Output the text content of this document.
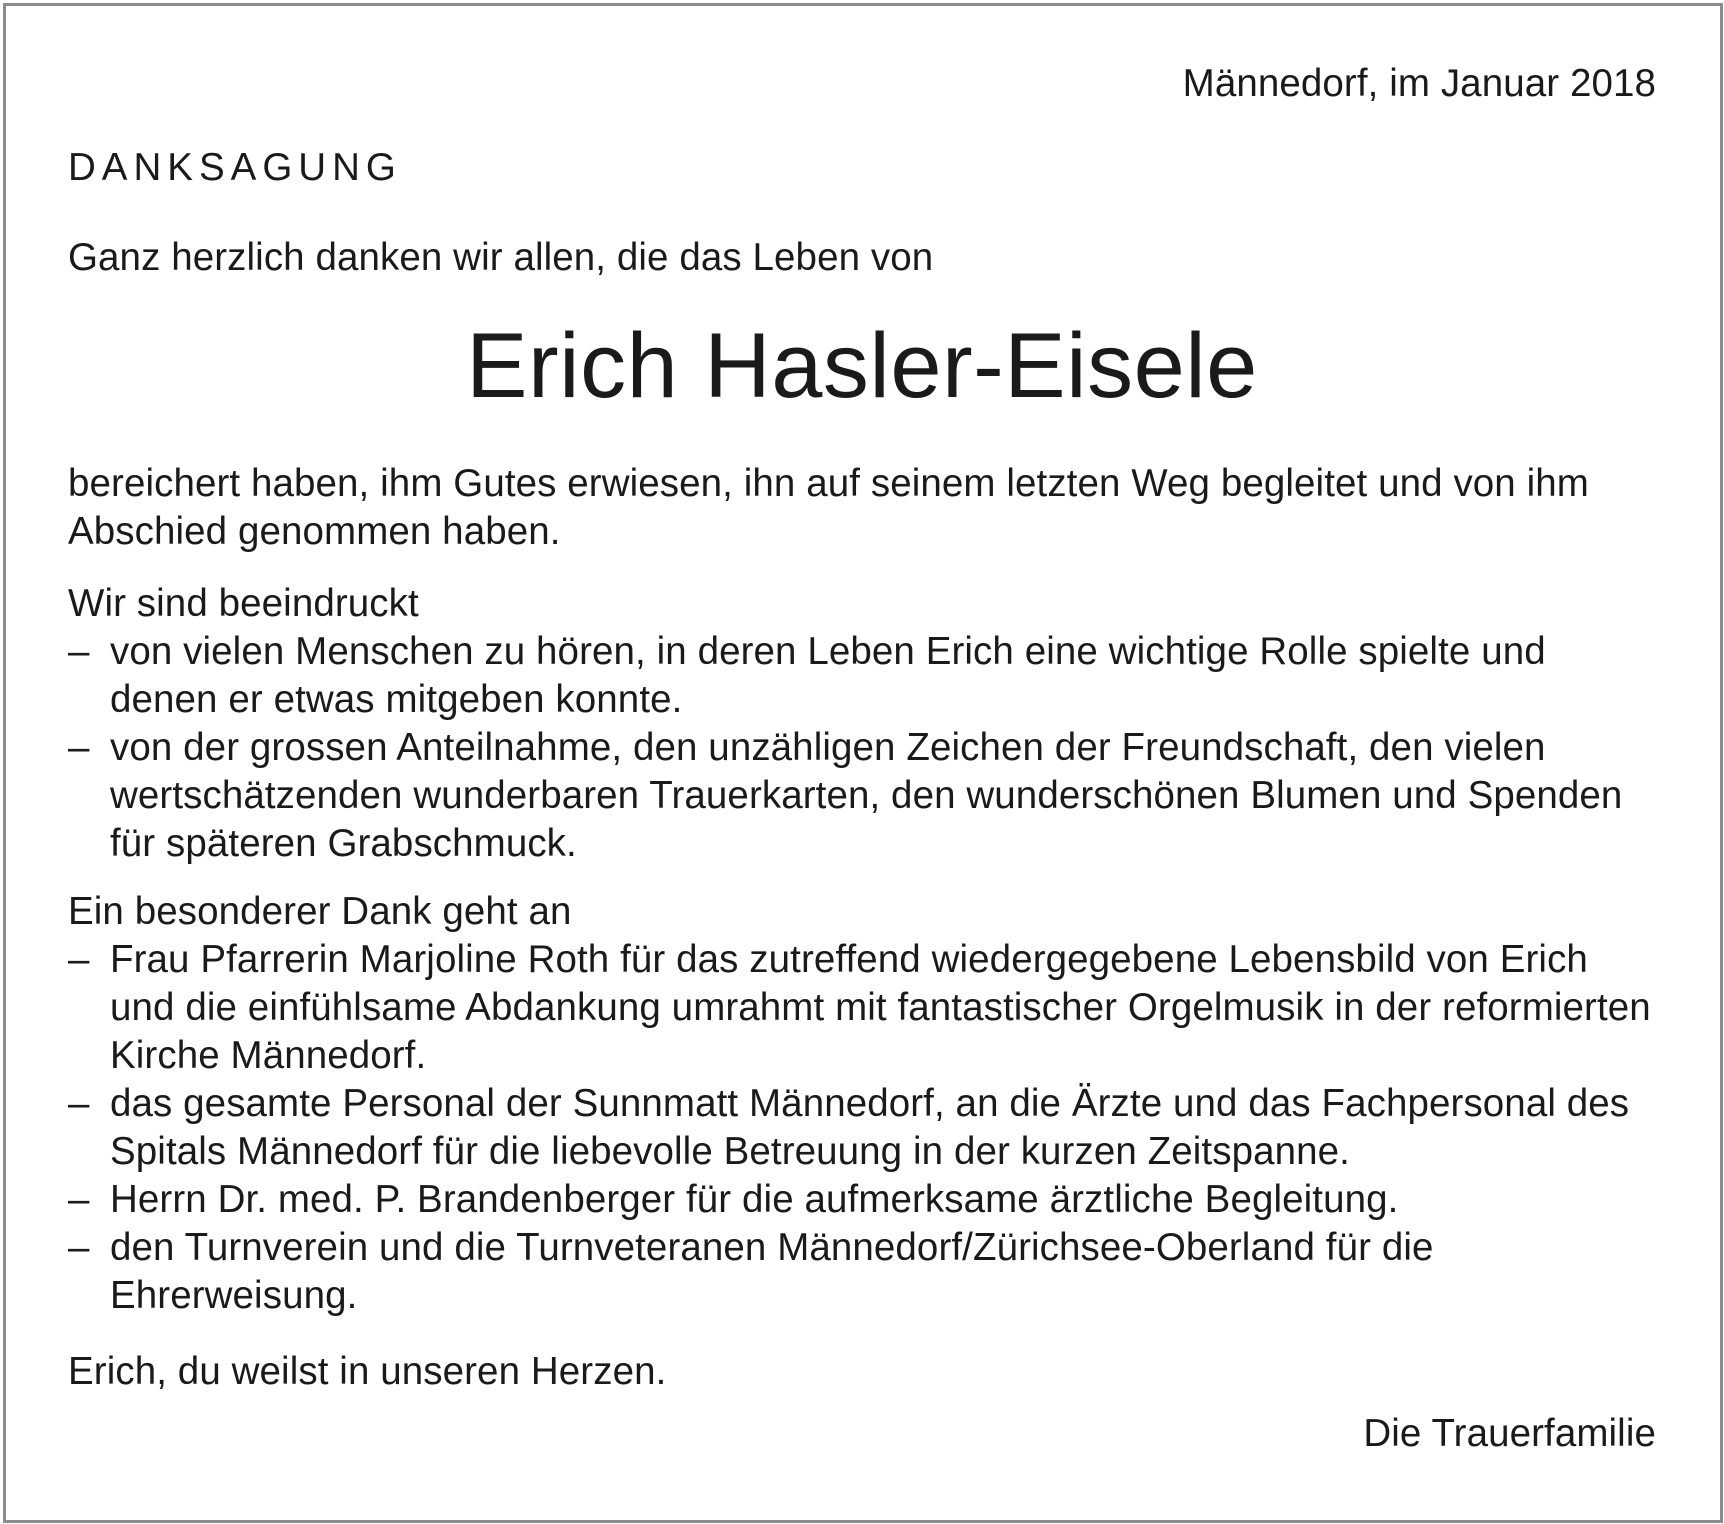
Männedorf, im Januar 2018
DANKSAGUNG
Ganz herzlich danken wir allen, die das Leben von
Erich Hasler-Eisele
bereichert haben, ihm Gutes erwiesen, ihn auf seinem letzten Weg begleitet und von ihm Abschied genommen haben.
Wir sind beeindruckt
– von vielen Menschen zu hören, in deren Leben Erich eine wichtige Rolle spielte und denen er etwas mitgeben konnte.
– von der grossen Anteilnahme, den unzähligen Zeichen der Freundschaft, den vielen wertschätzenden wunderbaren Trauerkarten, den wunderschönen Blumen und Spenden für späteren Grabschmuck.
Ein besonderer Dank geht an
– Frau Pfarrerin Marjoline Roth für das zutreffend wiedergegebene Lebensbild von Erich und die einfühlsame Abdankung umrahmt mit fantastischer Orgelmusik in der reformierten Kirche Männedorf.
– das gesamte Personal der Sunnmatt Männedorf, an die Ärzte und das Fachpersonal des Spitals Männedorf für die liebevolle Betreuung in der kurzen Zeitspanne.
– Herrn Dr. med. P. Brandenberger für die aufmerksame ärztliche Begleitung.
– den Turnverein und die Turnveteranen Männedorf/Zürichsee-Oberland für die Ehrerweisung.
Erich, du weilst in unseren Herzen.
Die Trauerfamilie
